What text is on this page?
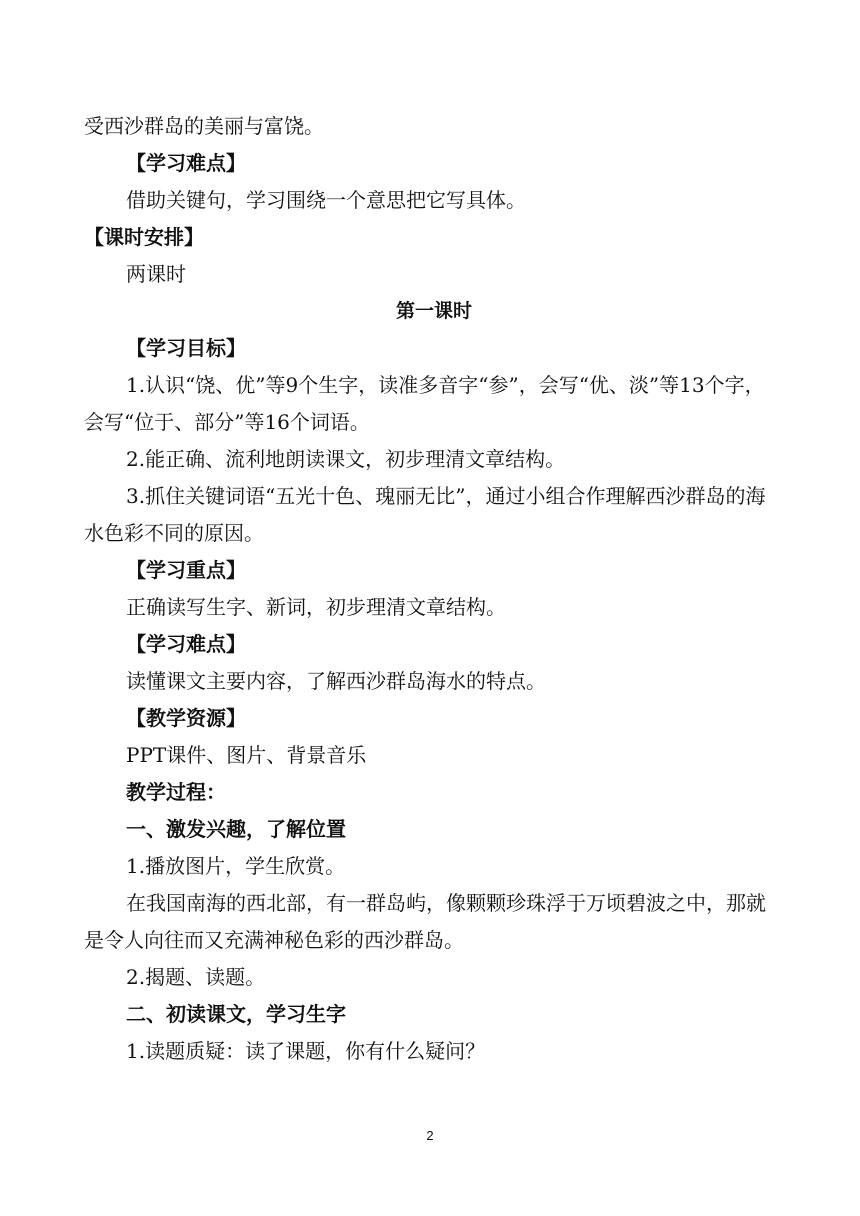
受西沙群岛的美丽与富饶。
【学习难点】
借助关键句，学习围绕一个意思把它写具体。
【课时安排】
两课时
第一课时
【学习目标】
1.认识“饶、优”等9个生字，读准多音字“参”，会写“优、淡”等13个字，会写“位于、部分”等16个词语。
2.能正确、流利地朗读课文，初步理清文章结构。
3.抓住关键词语“五光十色、瑰丽无比”，通过小组合作理解西沙群岛的海水色彩不同的原因。
【学习重点】
正确读写生字、新词，初步理清文章结构。
【学习难点】
读懂课文主要内容，了解西沙群岛海水的特点。
【教学资源】
PPT课件、图片、背景音乐
教学过程：
一、激发兴趣，了解位置
1.播放图片，学生欣赏。
在我国南海的西北部，有一群岛屿，像颗颗珍珠浮于万顷碧波之中，那就是令人向往而又充满神秘色彩的西沙群岛。
2.揭题、读题。
二、初读课文，学习生字
1.读题质疑：读了课题，你有什么疑问？
2
